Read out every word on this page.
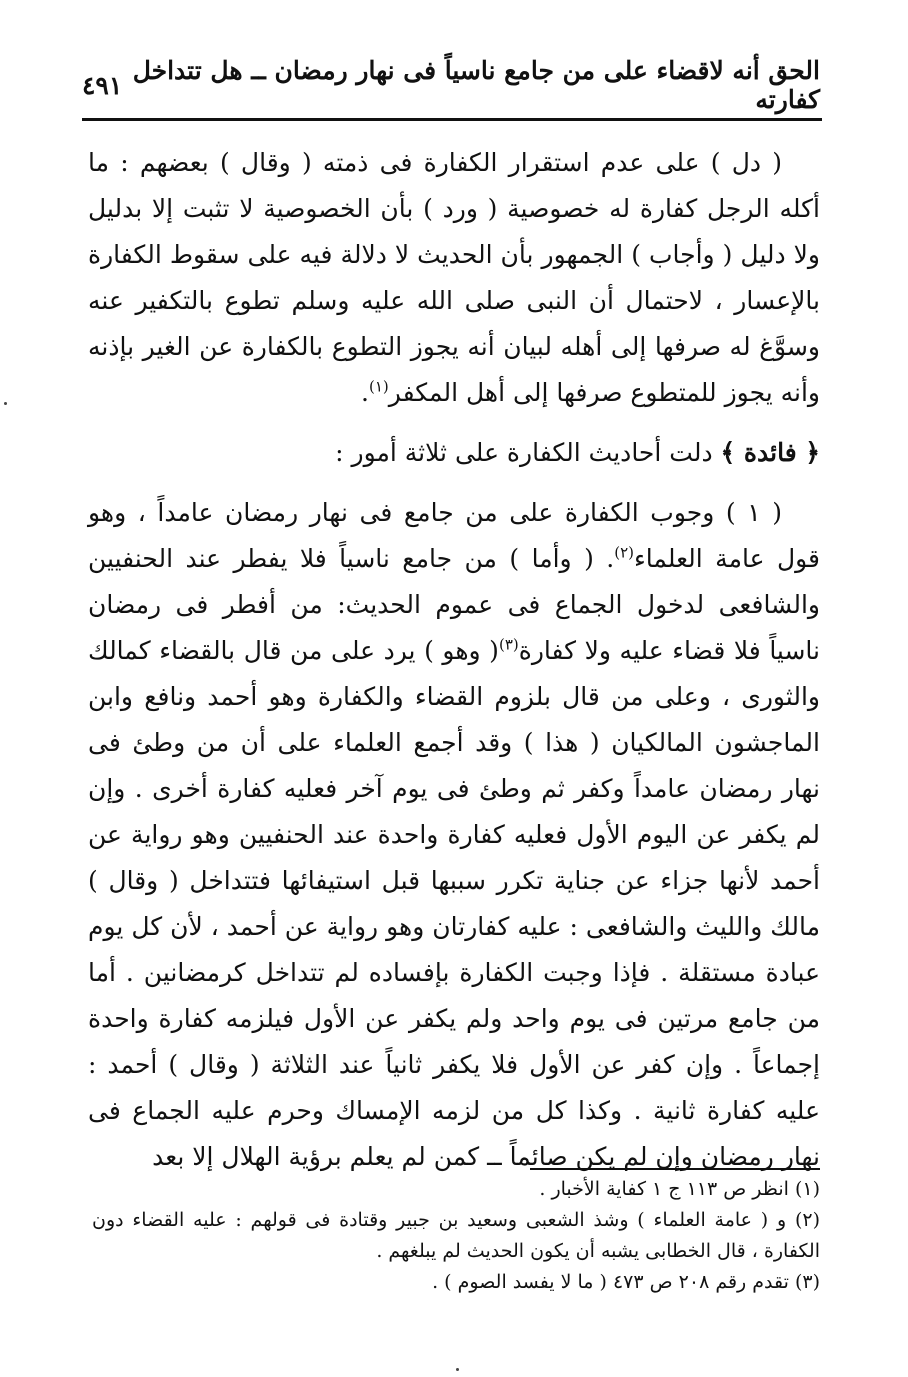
الحق أنه لاقضاء على من جامع ناسياً فى نهار رمضان ــ هل تتداخل كفارته
٤٩١

( دل ) على عدم استقرار الكفارة فى ذمته ( وقال ) بعضهم : ما أكله الرجل كفارة له خصوصية ( ورد ) بأن الخصوصية لا تثبت إلا بدليل ولا دليل ( وأجاب ) الجمهور بأن الحديث لا دلالة فيه على سقوط الكفارة بالإعسار ، لاحتمال أن النبى صلى الله عليه وسلم تطوع بالتكفير عنه وسوَّغ له صرفها إلى أهله لبيان أنه يجوز التطوع بالكفارة عن الغير بإذنه وأنه يجوز للمتطوع صرفها إلى أهل المكفر$^{(١)}$.

﴿ فائدة ﴾ دلت أحاديث الكفارة على ثلاثة أمور :

( ١ ) وجوب الكفارة على من جامع فى نهار رمضان عامداً ، وهو قول عامة العلماء$^{(٢)}$. ( وأما ) من جامع ناسياً فلا يفطر عند الحنفيين والشافعى لدخول الجماع فى عموم الحديث: من أفطر فى رمضان ناسياً فلا قضاء عليه ولا كفارة$^{(٣)}$( وهو ) يرد على من قال بالقضاء كمالك والثورى ، وعلى من قال بلزوم القضاء والكفارة وهو أحمد ونافع وابن الماجشون المالكيان ( هذا ) وقد أجمع العلماء على أن من وطئ فى نهار رمضان عامداً وكفر ثم وطئ فى يوم آخر فعليه كفارة أخرى . وإن لم يكفر عن اليوم الأول فعليه كفارة واحدة عند الحنفيين وهو رواية عن أحمد لأنها جزاء عن جناية تكرر سببها قبل استيفائها فتتداخل ( وقال ) مالك والليث والشافعى : عليه كفارتان وهو رواية عن أحمد ، لأن كل يوم عبادة مستقلة . فإذا وجبت الكفارة بإفساده لم تتداخل كرمضانين . أما من جامع مرتين فى يوم واحد ولم يكفر عن الأول فيلزمه كفارة واحدة إجماعاً . وإن كفر عن الأول فلا يكفر ثانياً عند الثلاثة ( وقال ) أحمد : عليه كفارة ثانية . وكذا كل من لزمه الإمساك وحرم عليه الجماع فى نهار رمضان وإن لم يكن صائماً ــ كمن لم يعلم برؤية الهلال إلا بعد

(١) انظر ص ١١٣ ج ١ كفاية الأخبار .

(٢) و ( عامة العلماء ) وشذ الشعبى وسعيد بن جبير وقتادة فى قولهم : عليه القضاء دون الكفارة ، قال الخطابى يشبه أن يكون الحديث لم يبلغهم .

(٣) تقدم رقم ٢٠٨ ص ٤٧٣ ( ما لا يفسد الصوم ) .
